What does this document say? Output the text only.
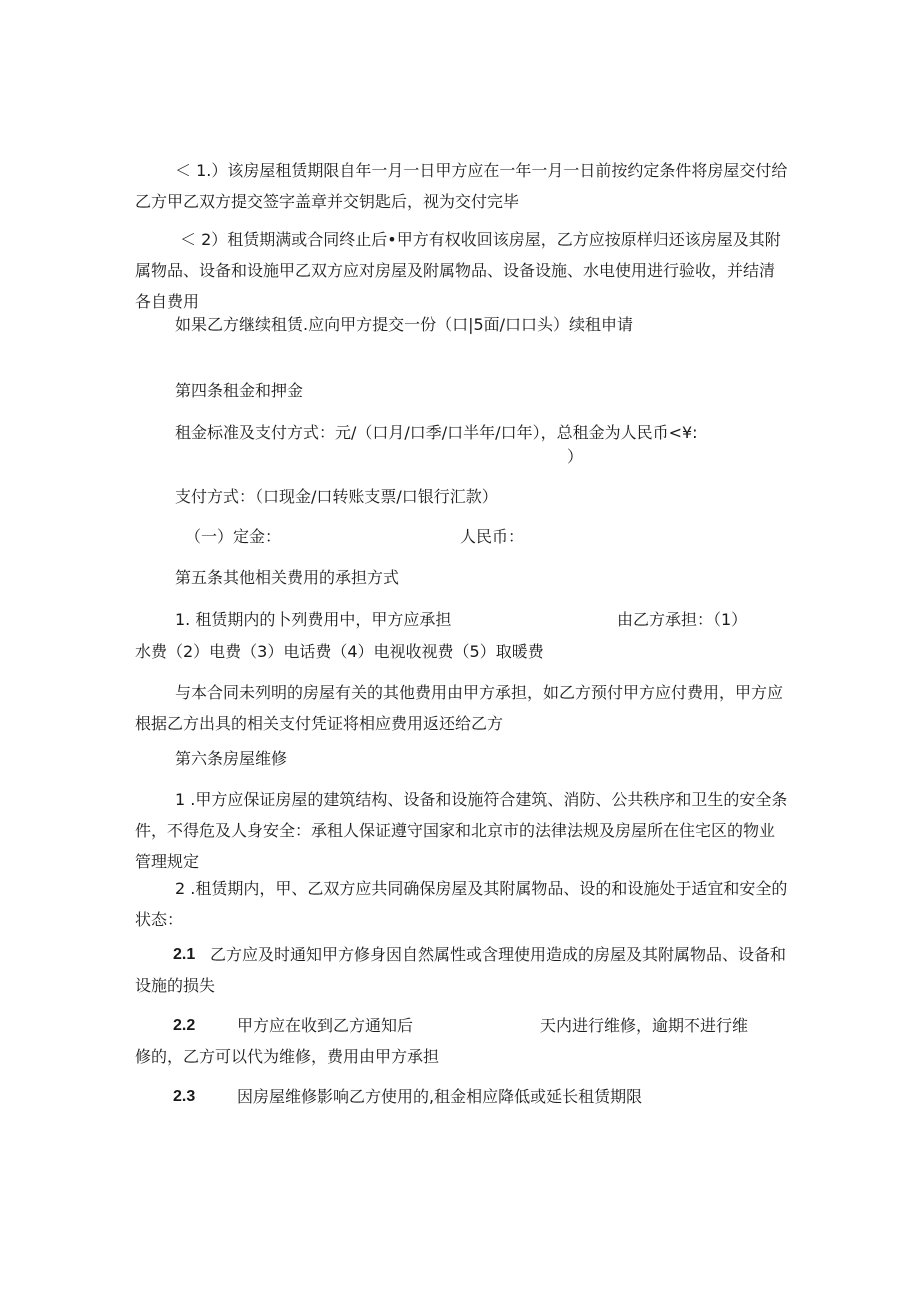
＜ 1.）该房屋租赁期限自年一月一日甲方应在一年一月一日前按约定条件将房屋交付给乙方甲乙双方提交签字盖章并交钥匙后，视为交付完毕

＜ 2）租赁期满或合同终止后•甲方有权收回该房屋，乙方应按原样归还该房屋及其附属物品、设备和设施甲乙双方应对房屋及附属物品、设备设施、水电使用进行验收，并结清各自费用

如果乙方继续租赁.应向甲方提交一份（口|5面/口口头）续租申请

第四条租金和押金

租金标准及支付方式：元/（口月/口季/口半年/口年），总租金为人民币<¥:

）

支付方式：（口现金/口转账支票/口银行汇款）

（一）定金：	人民币：

第五条其他相关费用的承担方式

1. 租赁期内的卜列费用中，甲方应承担	由乙方承担：（1）

水费（2）电费（3）电话费（4）电视收视费（5）取暖费

与本合同未列明的房屋有关的其他费用由甲方承担，如乙方预付甲方应付费用，甲方应根据乙方出具的相关支付凭证将相应费用返还给乙方

第六条房屋维修

1 .甲方应保证房屋的建筑结构、设备和设施符合建筑、消防、公共秩序和卫生的安全条件，不得危及人身安全：承租人保证遵守国家和北京市的法律法规及房屋所在住宅区的物业管理规定

2 .租赁期内，甲、乙双方应共同确保房屋及其附属物品、设的和设施处于适宜和安全的状态：

2.1 乙方应及时通知甲方修身因自然属性或含理使用造成的房屋及其附属物品、设备和设施的损失

2.2	甲方应在收到乙方通知后	天内进行维修，逾期不进行维

修的，乙方可以代为维修，费用由甲方承担

2.3	因房屋维修影响乙方使用的,租金相应降低或延长租赁期限
